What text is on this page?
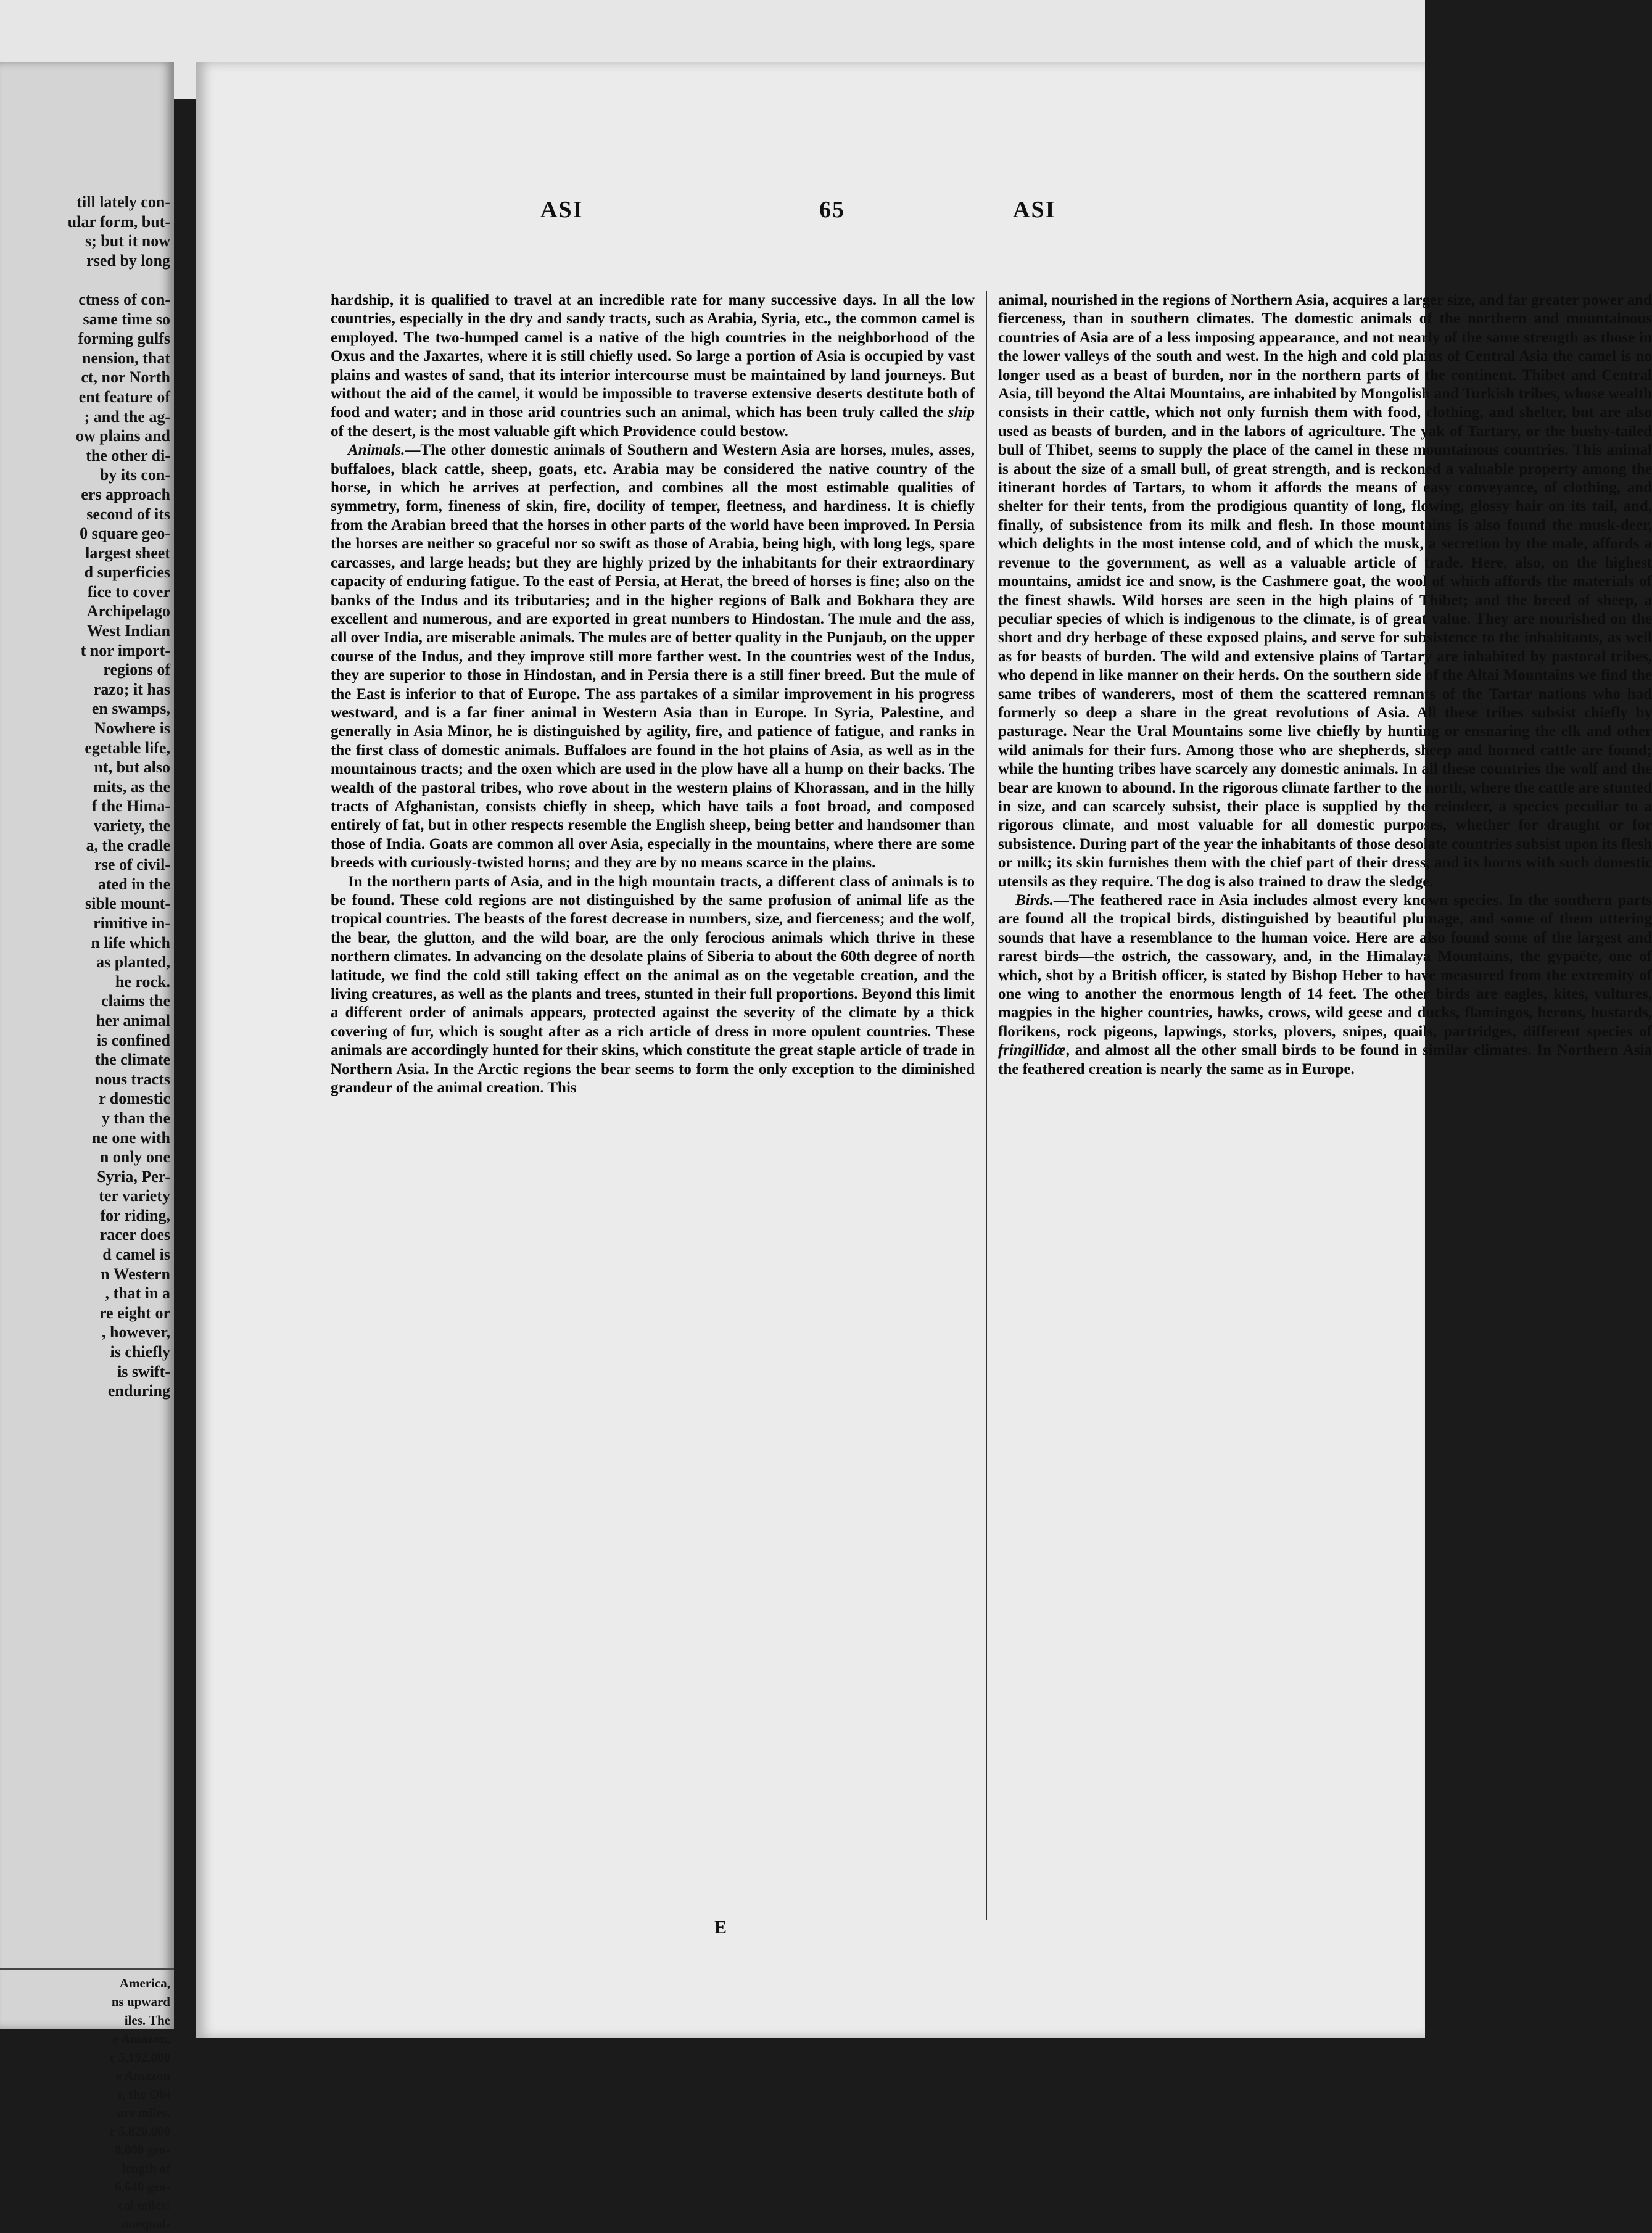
till lately con-
ular form, but-
s; but it now
rsed by long

ctness of con-
same time so
forming gulfs
nension, that
ct, nor North
ent feature of
; and the ag-
ow plains and
the other di-
by its con-
ers approach
second of its
0 square geo-
largest sheet
d superficies
fice to cover
Archipelago
West Indian
t nor import-
regions of
razo; it has
en swamps,
Nowhere is
egetable life,
nt, but also
mits, as the
f the Hima-
variety, the
a, the cradle
rse of civil-
ated in the
sible mount-
rimitive in-
n life which
as planted,
he rock.
claims the
her animal
is confined
the climate
nous tracts
r domestic
y than the
ne one with
n only one
Syria, Per-
ter variety
for riding,
racer does
d camel is
n Western
, that in a
re eight or
, however,
is chiefly
is swift-
enduring
America,
ns upward
iles. The
e Amazon,
r 5,192,000
e Amazon
r, the Obi
are miles,
r 5,820,000
8,000 geo-
length of
6,640 geo-
cal miles:
unequal-
ASI	65	ASI

hardship, it is qualified to travel at an incredible rate for many successive days. In all the low countries, especially in the dry and sandy tracts, such as Arabia, Syria, etc., the common camel is employed. The two-humped camel is a native of the high countries in the neighborhood of the Oxus and the Jaxartes, where it is still chiefly used. So large a portion of Asia is occupied by vast plains and wastes of sand, that its interior intercourse must be maintained by land journeys. But without the aid of the camel, it would be impossible to traverse extensive deserts destitute both of food and water; and in those arid countries such an animal, which has been truly called the ship of the desert, is the most valuable gift which Providence could bestow.

Animals.—The other domestic animals of Southern and Western Asia are horses, mules, asses, buffaloes, black cattle, sheep, goats, etc. Arabia may be considered the native country of the horse, in which he arrives at perfection, and combines all the most estimable qualities of symmetry, form, fineness of skin, fire, docility of temper, fleetness, and hardiness. It is chiefly from the Arabian breed that the horses in other parts of the world have been improved. In Persia the horses are neither so graceful nor so swift as those of Arabia, being high, with long legs, spare carcasses, and large heads; but they are highly prized by the inhabitants for their extraordinary capacity of enduring fatigue. To the east of Persia, at Herat, the breed of horses is fine; also on the banks of the Indus and its tributaries; and in the higher regions of Balk and Bokhara they are excellent and numerous, and are exported in great numbers to Hindostan. The mule and the ass, all over India, are miserable animals. The mules are of better quality in the Punjaub, on the upper course of the Indus, and they improve still more farther west. In the countries west of the Indus, they are superior to those in Hindostan, and in Persia there is a still finer breed. But the mule of the East is inferior to that of Europe. The ass partakes of a similar improvement in his progress westward, and is a far finer animal in Western Asia than in Europe. In Syria, Palestine, and generally in Asia Minor, he is distinguished by agility, fire, and patience of fatigue, and ranks in the first class of domestic animals. Buffaloes are found in the hot plains of Asia, as well as in the mountainous tracts; and the oxen which are used in the plow have all a hump on their backs. The wealth of the pastoral tribes, who rove about in the western plains of Khorassan, and in the hilly tracts of Afghanistan, consists chiefly in sheep, which have tails a foot broad, and composed entirely of fat, but in other respects resemble the English sheep, being better and handsomer than those of India. Goats are common all over Asia, especially in the mountains, where there are some breeds with curiously-twisted horns; and they are by no means scarce in the plains.

In the northern parts of Asia, and in the high mountain tracts, a different class of animals is to be found. These cold regions are not distinguished by the same profusion of animal life as the tropical countries. The beasts of the forest decrease in numbers, size, and fierceness; and the wolf, the bear, the glutton, and the wild boar, are the only ferocious animals which thrive in these northern climates. In advancing on the desolate plains of Siberia to about the 60th degree of north latitude, we find the cold still taking effect on the animal as on the vegetable creation, and the living creatures, as well as the plants and trees, stunted in their full proportions. Beyond this limit a different order of animals appears, protected against the severity of the climate by a thick covering of fur, which is sought after as a rich article of dress in more opulent countries. These animals are accordingly hunted for their skins, which constitute the great staple article of trade in Northern Asia. In the Arctic regions the bear seems to form the only exception to the diminished grandeur of the animal creation. This

animal, nourished in the regions of Northern Asia, acquires a larger size, and far greater power and fierceness, than in southern climates. The domestic animals of the northern and mountainous countries of Asia are of a less imposing appearance, and not nearly of the same strength as those in the lower valleys of the south and west. In the high and cold plains of Central Asia the camel is no longer used as a beast of burden, nor in the northern parts of the continent. Thibet and Central Asia, till beyond the Altai Mountains, are inhabited by Mongolish and Turkish tribes, whose wealth consists in their cattle, which not only furnish them with food, clothing, and shelter, but are also used as beasts of burden, and in the labors of agriculture. The yak of Tartary, or the bushy-tailed bull of Thibet, seems to supply the place of the camel in these mountainous countries. This animal is about the size of a small bull, of great strength, and is reckoned a valuable property among the itinerant hordes of Tartars, to whom it affords the means of easy conveyance, of clothing, and shelter for their tents, from the prodigious quantity of long, flowing, glossy hair on its tail, and, finally, of subsistence from its milk and flesh. In those mountains is also found the musk-deer, which delights in the most intense cold, and of which the musk, a secretion by the male, affords a revenue to the government, as well as a valuable article of trade. Here, also, on the highest mountains, amidst ice and snow, is the Cashmere goat, the wool of which affords the materials of the finest shawls. Wild horses are seen in the high plains of Thibet; and the breed of sheep, a peculiar species of which is indigenous to the climate, is of great value. They are nourished on the short and dry herbage of these exposed plains, and serve for subsistence to the inhabitants, as well as for beasts of burden. The wild and extensive plains of Tartary are inhabited by pastoral tribes, who depend in like manner on their herds. On the southern side of the Altai Mountains we find the same tribes of wanderers, most of them the scattered remnants of the Tartar nations who had formerly so deep a share in the great revolutions of Asia. All these tribes subsist chiefly by pasturage. Near the Ural Mountains some live chiefly by hunting or ensnaring the elk and other wild animals for their furs. Among those who are shepherds, sheep and horned cattle are found; while the hunting tribes have scarcely any domestic animals. In all these countries the wolf and the bear are known to abound. In the rigorous climate farther to the north, where the cattle are stunted in size, and can scarcely subsist, their place is supplied by the reindeer, a species peculiar to a rigorous climate, and most valuable for all domestic purposes, whether for draught or for subsistence. During part of the year the inhabitants of those desolate countries subsist upon its flesh or milk; its skin furnishes them with the chief part of their dress, and its horns with such domestic utensils as they require. The dog is also trained to draw the sledge.

Birds.—The feathered race in Asia includes almost every known species. In the southern parts are found all the tropical birds, distinguished by beautiful plumage, and some of them uttering sounds that have a resemblance to the human voice. Here are also found some of the largest and rarest birds—the ostrich, the cassowary, and, in the Himalaya Mountains, the gypaëte, one of which, shot by a British officer, is stated by Bishop Heber to have measured from the extremity of one wing to another the enormous length of 14 feet. The other birds are eagles, kites, vultures, magpies in the higher countries, hawks, crows, wild geese and ducks, flamingos, herons, bustards, florikens, rock pigeons, lapwings, storks, plovers, snipes, quails, partridges, different species of fringillidæ, and almost all the other small birds to be found in similar climates. In Northern Asia the feathered creation is nearly the same as in Europe.

E
